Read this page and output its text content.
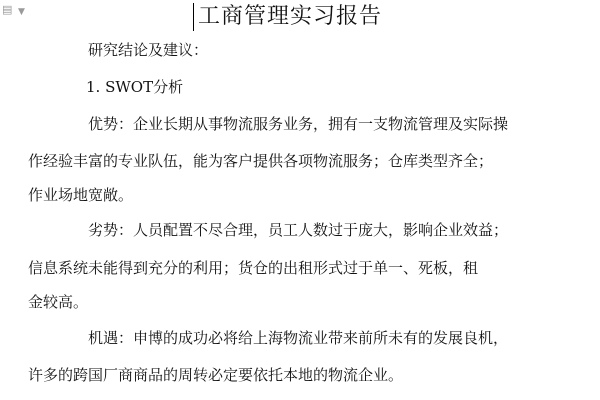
▤ ▼	工商管理实习报告

研究结论及建议：

1. SWOT分析

优势：企业长期从事物流服务业务，拥有一支物流管理及实际操

作经验丰富的专业队伍，能为客户提供各项物流服务；仓库类型齐全；

作业场地宽敞。

劣势：人员配置不尽合理，员工人数过于庞大，影响企业效益；

信息系统未能得到充分的利用；货仓的出租形式过于单一、死板，租

金较高。

机遇：申博的成功必将给上海物流业带来前所未有的发展良机，

许多的跨国厂商商品的周转必定要依托本地的物流企业。
